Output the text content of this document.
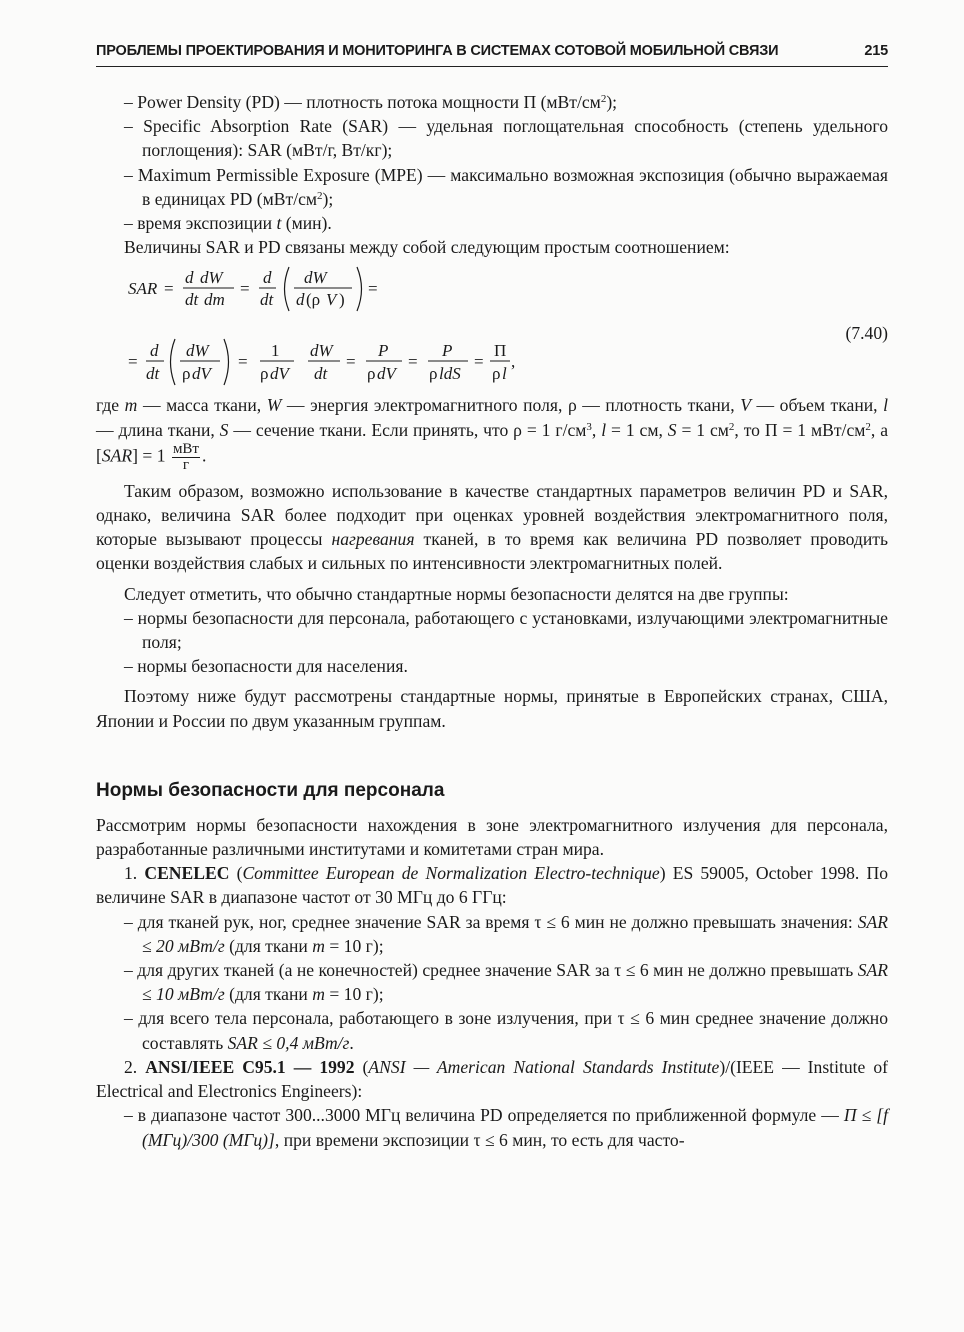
ПРОБЛЕМЫ ПРОЕКТИРОВАНИЯ И МОНИТОРИНГА В СИСТЕМАХ СОТОВОЙ МОБИЛЬНОЙ СВЯЗИ	215

– Power Density (PD) — плотность потока мощности П $(мВт/см^2)$;

– Specific Absorption Rate (SAR) — удельная поглощательная способность (степень удельного поглощения): SAR (мВт/г, Вт/кг);

– Maximum Permissible Exposure (MPE) — максимально возможная экспозиция (обычно выражаемая в единицах PD $(мВт/см^2)$;

– время экспозиции t (мин).

Величины SAR и PD связаны между собой следующим простым соотношением:

SAR =
d dW
dt dm
=
d
dt
dW
d (ρ V )
=
=
d
dt
dW
ρ dV
=
1
ρ dV
dW
dt
=
P
ρ dV
=
P
ρ ldS
=
П
ρ l
,
(7.40)

где m — масса ткани, W — энергия электромагнитного поля, ρ — плотность ткани, V — объем ткани, l — длина ткани, S — сечение ткани. Если принять, что ρ = 1 $г/см^3$, l = 1 см, S = 1 $см^2$, то П = 1 мВт/$см^2$, а $[SAR] = 1 \frac{\text{мВт}}{г}$ .

Таким образом, возможно использование в качестве стандартных параметров величин PD и SAR, однако, величина SAR более подходит при оценках уровней воздействия электромагнитного поля, которые вызывают процессы нагревания тканей, в то время как величина PD позволяет проводить оценки воздействия слабых и сильных по интенсивности электромагнитных полей.

Следует отметить, что обычно стандартные нормы безопасности делятся на две группы:

– нормы безопасности для персонала, работающего с установками, излучающими электромагнитные поля;

– нормы безопасности для населения.

Поэтому ниже будут рассмотрены стандартные нормы, принятые в Европейских странах, США, Японии и России по двум указанным группам.

Нормы безопасности для персонала

Рассмотрим нормы безопасности нахождения в зоне электромагнитного излучения для персонала, разработанные различными институтами и комитетами стран мира.

1. CENELEC (Committee European de Normalization Electro-technique) ES 59005, October 1998. По величине SAR в диапазоне частот от 30 МГц до 6 ГГц:

– для тканей рук, ног, среднее значение SAR за время τ ≤ 6 мин не должно превышать значения: SAR ≤ 20 мВт/г (для ткани m = 10 г);

– для других тканей (а не конечностей) среднее значение SAR за τ ≤ 6 мин не должно превышать SAR ≤ 10 мВт/г (для ткани m = 10 г);

– для всего тела персонала, работающего в зоне излучения, при τ ≤ 6 мин среднее значение должно составлять SAR ≤ 0,4 мВт/г.

2. ANSI/IEEE C95.1 — 1992 (ANSI — American National Standards Institute)/(IEEE — Institute of Electrical and Electronics Engineers):

– в диапазоне частот 300...3000 МГц величина PD определяется по приближенной формуле — П ≤ [f (МГц)/300 (МГц)], при времени экспозиции τ ≤ 6 мин, то есть для часто-
